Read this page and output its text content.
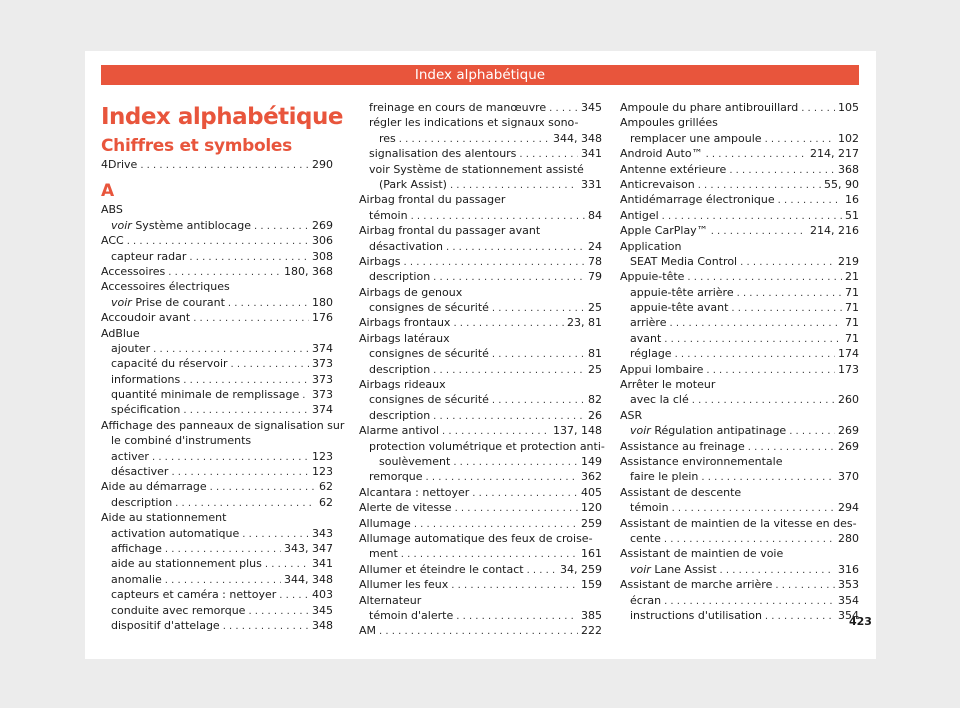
Index alphabétique
Index alphabétique
Chiffres et symboles
4Drive . . .	290
A
ABS
voir Système antiblocage . . .	269
ACC . . .	306
capteur radar . . .	308
Accessoires . . .	180, 368
Accessoires électriques
voir Prise de courant . . .	180
Accoudoir avant . . .	176
AdBlue
ajouter . . .	374
capacité du réservoir . . .	373
informations . . .	373
quantité minimale de remplissage . . . 373
spécification . . .	374
Affichage des panneaux de signalisation sur
le combiné d'instruments
activer . . .	123
désactiver . . .	123
Aide au démarrage . . .	62
description . . .	62
Aide au stationnement
activation automatique . . .	343
affichage . . .	343, 347
aide au stationnement plus . . .	341
anomalie . . .	344, 348
capteurs et caméra : nettoyer . . .	403
conduite avec remorque . . .	345
dispositif d'attelage . . .	348
freinage en cours de manœuvre . . .	345
régler les indications et signaux sono-
res . . .	344, 348
signalisation des alentours . . .	341
voir Système de stationnement assisté
(Park Assist) . . .	331
Airbag frontal du passager
témoin . . .	84
Airbag frontal du passager avant
désactivation . . .	24
Airbags . . .	78
description . . .	79
Airbags de genoux
consignes de sécurité . . .	25
Airbags frontaux . . .	23, 81
Airbags latéraux
consignes de sécurité . . .	81
description . . .	25
Airbags rideaux
consignes de sécurité . . .	82
description . . .	26
Alarme antivol . . .	137, 148
protection volumétrique et protection anti-
soulèvement . . .	149
remorque . . .	362
Alcantara : nettoyer . . .	405
Alerte de vitesse . . .	120
Allumage . . .	259
Allumage automatique des feux de croise-
ment . . .	161
Allumer et éteindre le contact . . .	34, 259
Allumer les feux . . .	159
Alternateur
témoin d'alerte . . .	385
AM . . .	222
Ampoule du phare antibrouillard . . .	105
Ampoules grillées
remplacer une ampoule . . .	102
Android Auto™ . . .	214, 217
Antenne extérieure . . .	368
Anticrevaison . . .	55, 90
Antidémarrage électronique . . .	16
Antigel . . .	51
Apple CarPlay™ . . .	214, 216
Application
SEAT Media Control . . .	219
Appuie-tête . . .	21
appuie-tête arrière . . .	71
appuie-tête avant . . .	71
arrière . . .	71
avant . . .	71
réglage . . .	174
Appui lombaire . . .	173
Arrêter le moteur
avec la clé . . .	260
ASR
voir Régulation antipatinage . . .	269
Assistance au freinage . . .	269
Assistance environnementale
faire le plein . . .	370
Assistant de descente
témoin . . .	294
Assistant de maintien de la vitesse en des-
cente . . .	280
Assistant de maintien de voie
voir Lane Assist . . .	316
Assistant de marche arrière . . .	353
écran . . .	354
instructions d'utilisation . . .	354
423
